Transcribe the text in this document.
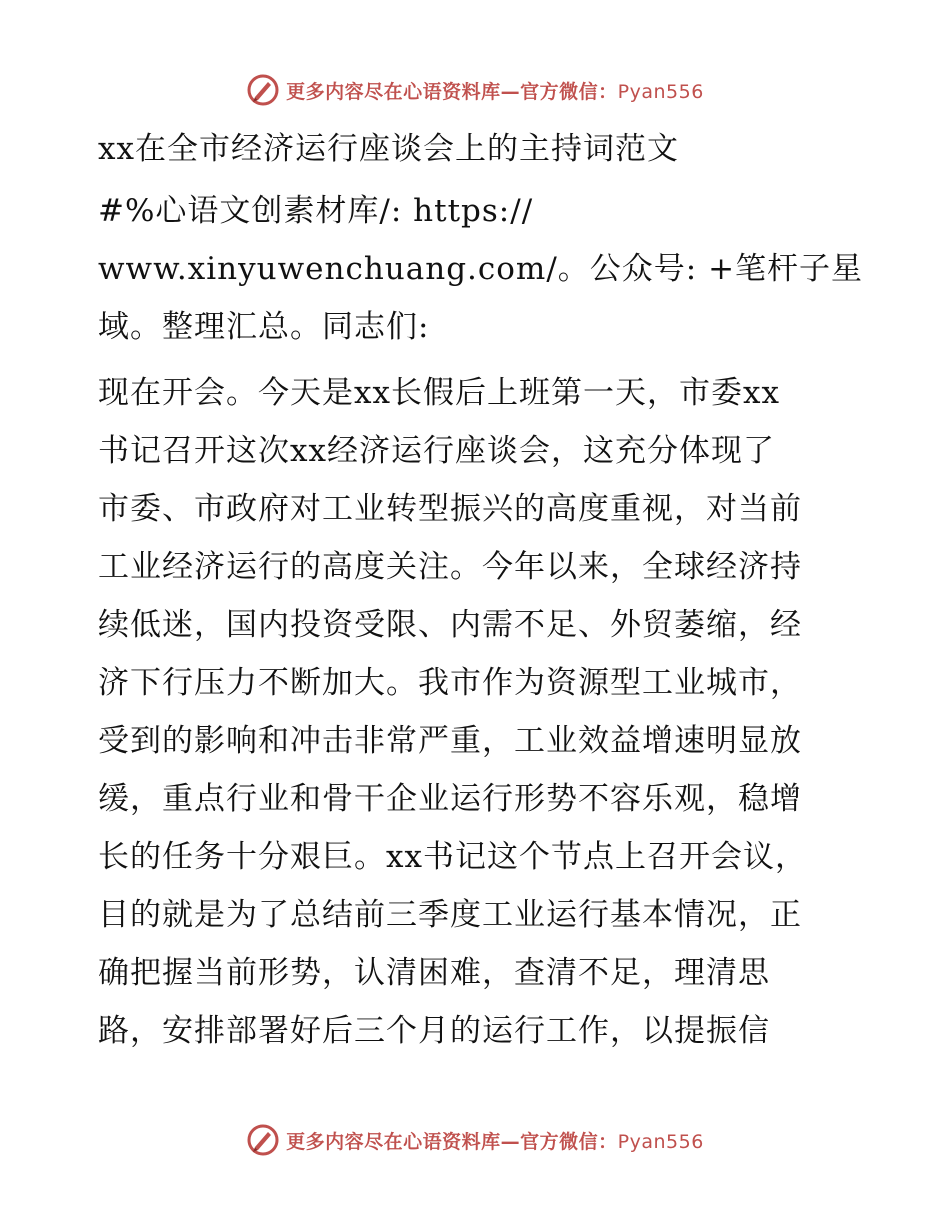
更多内容尽在心语资料库—官方微信：Pyan556
xx在全市经济运行座谈会上的主持词范文
#%心语文创素材库/: https://
www.xinyuwenchuang.com/。公众号: +笔杆子星
域。整理汇总。同志们:
现在开会。今天是xx长假后上班第一天，市委xx
书记召开这次xx经济运行座谈会，这充分体现了
市委、市政府对工业转型振兴的高度重视，对当前
工业经济运行的高度关注。今年以来，全球经济持
续低迷，国内投资受限、内需不足、外贸萎缩，经
济下行压力不断加大。我市作为资源型工业城市，
受到的影响和冲击非常严重，工业效益增速明显放
缓，重点行业和骨干企业运行形势不容乐观，稳增
长的任务十分艰巨。xx书记这个节点上召开会议，
目的就是为了总结前三季度工业运行基本情况，正
确把握当前形势，认清困难，查清不足，理清思
路，安排部署好后三个月的运行工作，以提振信
更多内容尽在心语资料库—官方微信：Pyan556
